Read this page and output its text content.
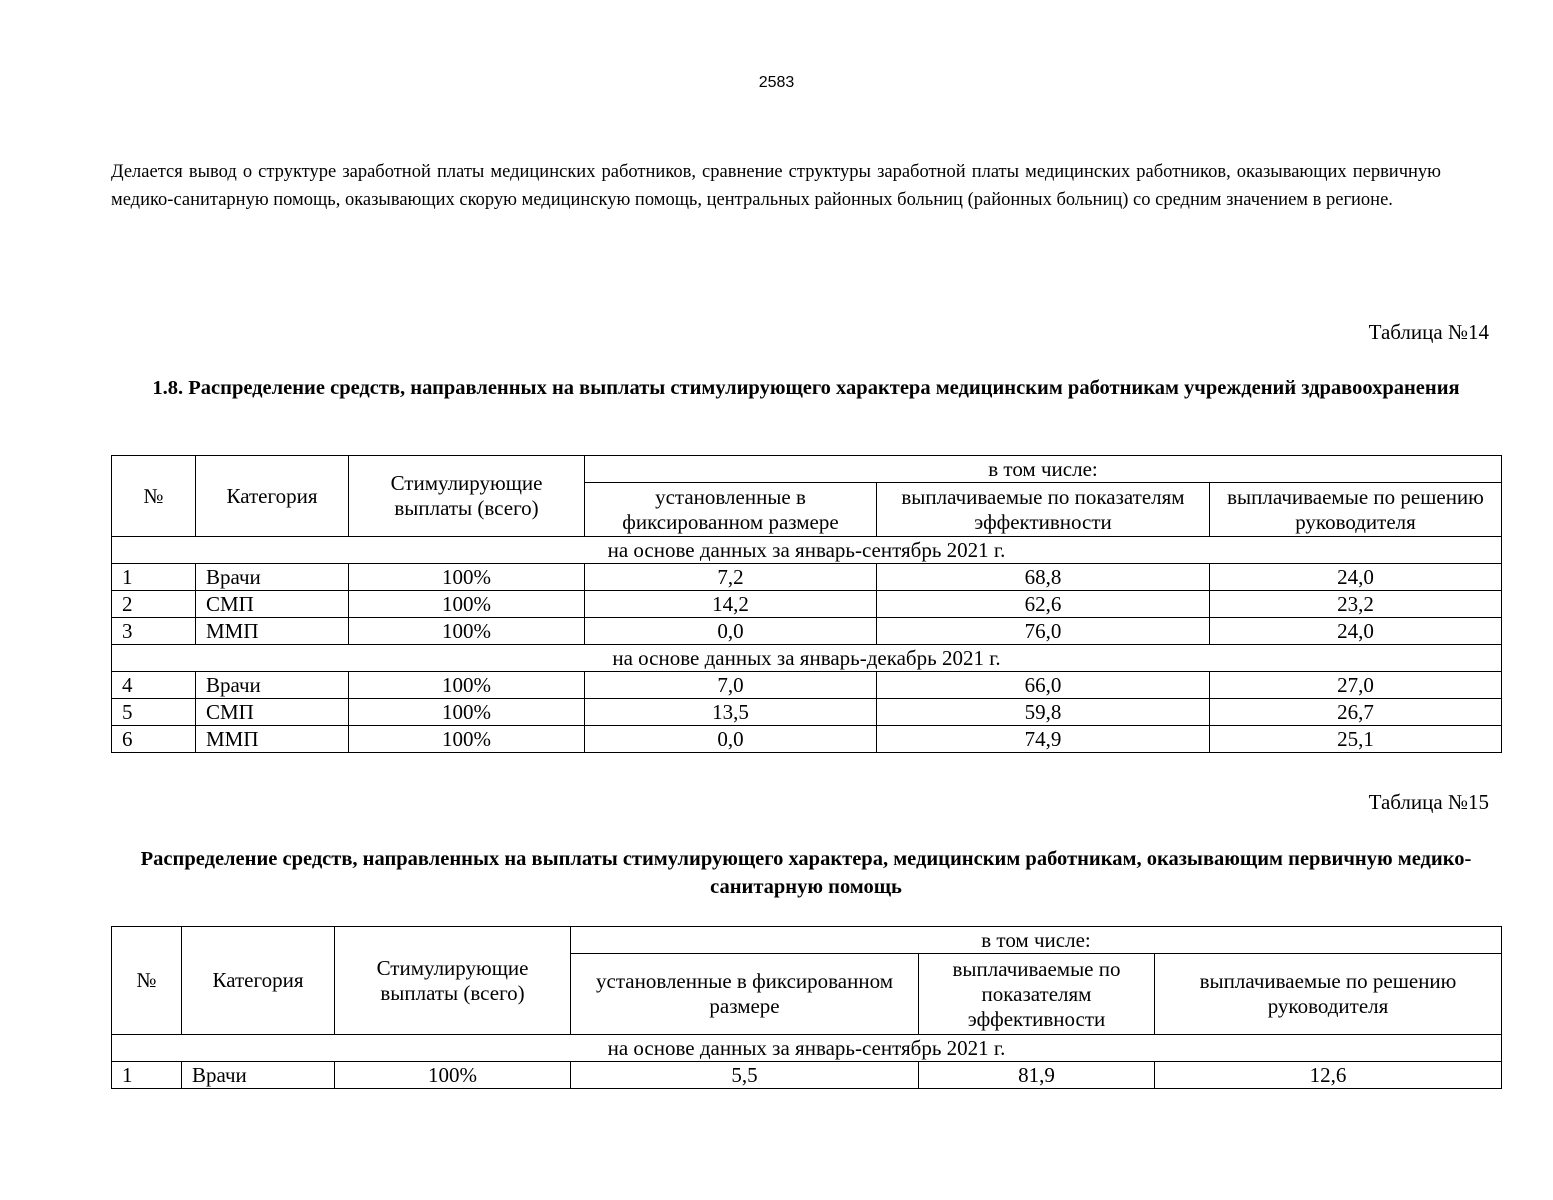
2583
Делается вывод о структуре заработной платы медицинских работников, сравнение структуры заработной платы медицинских работников, оказывающих первичную медико-санитарную помощь, оказывающих скорую медицинскую помощь, центральных районных больниц (районных больниц) со средним значением в регионе.
Таблица №14
1.8. Распределение средств, направленных на выплаты стимулирующего характера медицинским работникам учреждений здравоохранения
№	Категория	Стимулирующие выплаты (всего)	в том числе:		
			установленные в фиксированном размере	выплачиваемые по показателям эффективности	выплачиваемые по решению руководителя
на основе данных за январь-сентябрь 2021 г.					
1	Врачи	100%	7,2	68,8	24,0
2	СМП	100%	14,2	62,6	23,2
3	ММП	100%	0,0	76,0	24,0
на основе данных за январь-декабрь 2021 г.					
4	Врачи	100%	7,0	66,0	27,0
5	СМП	100%	13,5	59,8	26,7
6	ММП	100%	0,0	74,9	25,1
Таблица №15
Распределение средств, направленных на выплаты стимулирующего характера, медицинским работникам, оказывающим первичную медико-санитарную помощь
№	Категория	Стимулирующие выплаты (всего)	в том числе:		
			установленные в фиксированном размере	выплачиваемые по показателям эффективности	выплачиваемые по решению руководителя
на основе данных за январь-сентябрь 2021 г.					
1	Врачи	100%	5,5	81,9	12,6
